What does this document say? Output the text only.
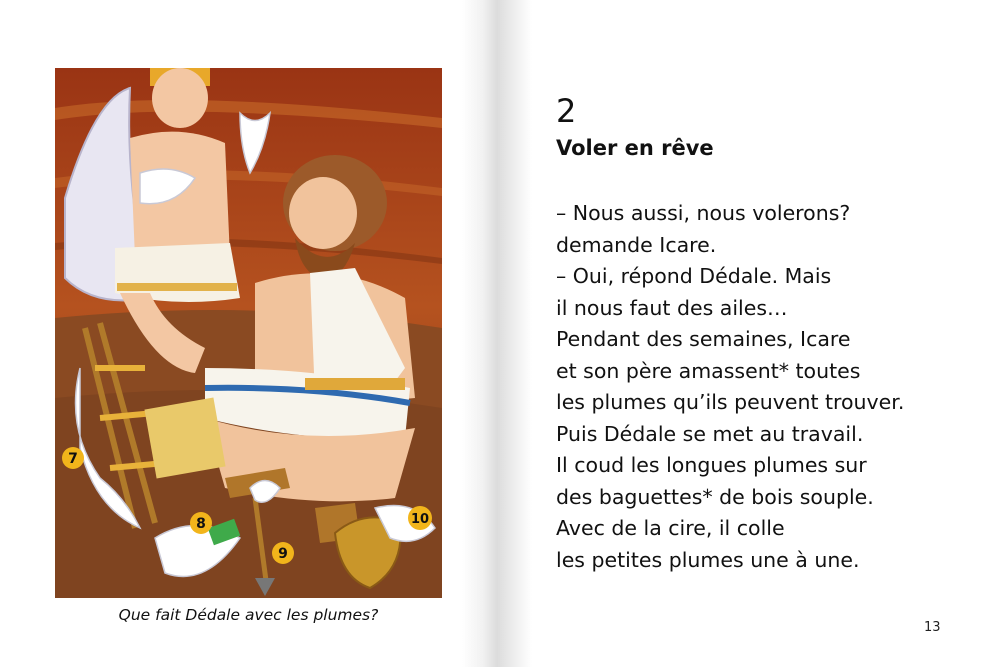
7
8
9
10
Que fait Dédale avec les plumes?
2
Voler en rêve
– Nous aussi, nous volerons?
demande Icare.
– Oui, répond Dédale. Mais
il nous faut des ailes…
Pendant des semaines, Icare
et son père amassent* toutes
les plumes qu’ils peuvent trouver.
Puis Dédale se met au travail.
Il coud les longues plumes sur
des baguettes* de bois souple.
Avec de la cire, il colle
les petites plumes une à une.
13
